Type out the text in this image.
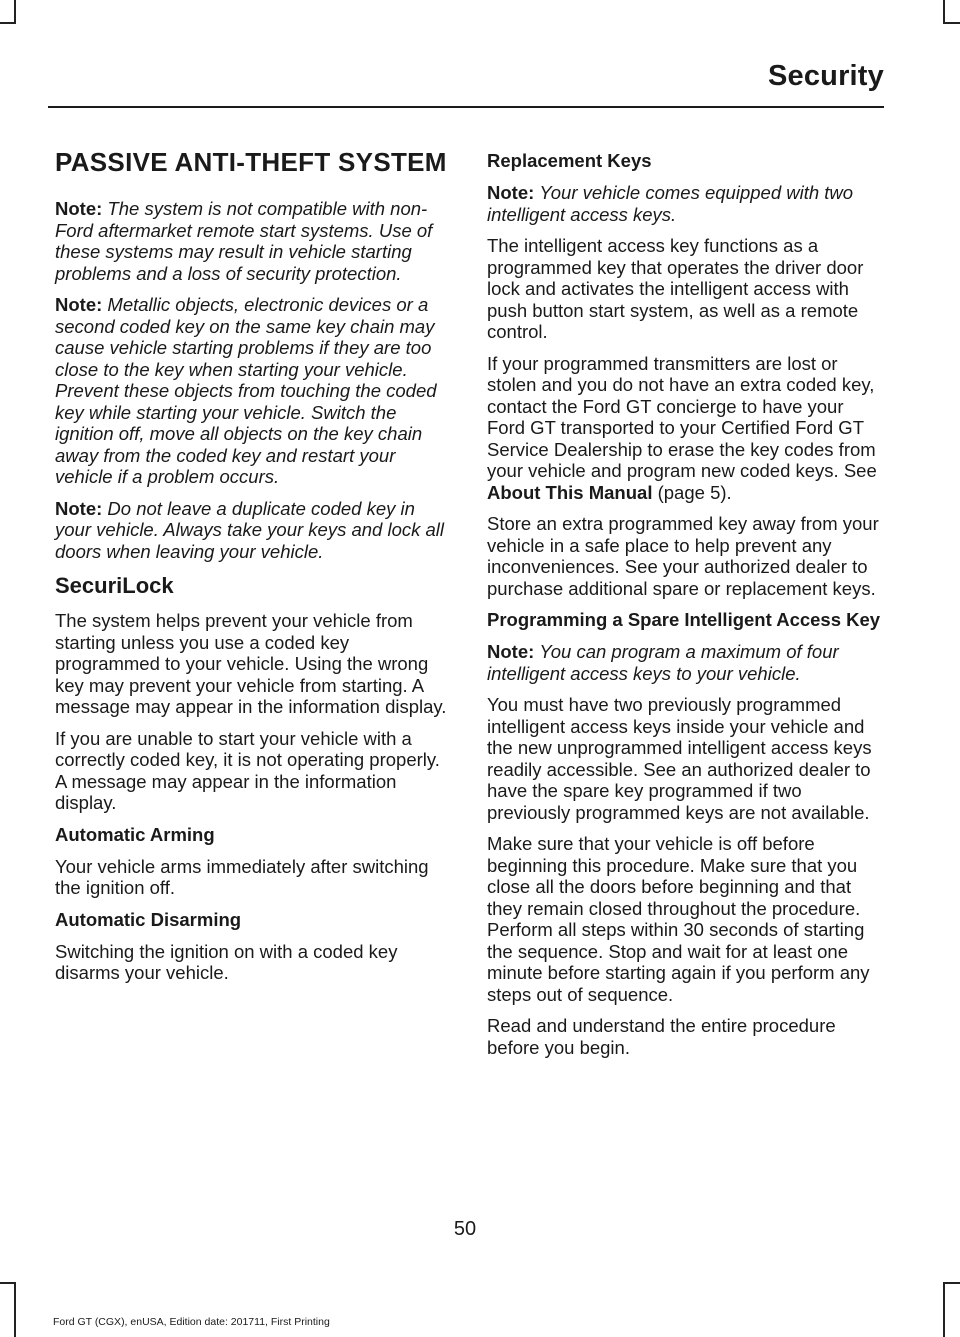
Security
PASSIVE ANTI-THEFT SYSTEM

Note: The system is not compatible with non-Ford aftermarket remote start systems. Use of these systems may result in vehicle starting problems and a loss of security protection.

Note: Metallic objects, electronic devices or a second coded key on the same key chain may cause vehicle starting problems if they are too close to the key when starting your vehicle. Prevent these objects from touching the coded key while starting your vehicle. Switch the ignition off, move all objects on the key chain away from the coded key and restart your vehicle if a problem occurs.

Note: Do not leave a duplicate coded key in your vehicle. Always take your keys and lock all doors when leaving your vehicle.

SecuriLock

The system helps prevent your vehicle from starting unless you use a coded key programmed to your vehicle. Using the wrong key may prevent your vehicle from starting. A message may appear in the information display.

If you are unable to start your vehicle with a correctly coded key, it is not operating properly. A message may appear in the information display.

Automatic Arming

Your vehicle arms immediately after switching the ignition off.

Automatic Disarming

Switching the ignition on with a coded key disarms your vehicle.

Replacement Keys

Note: Your vehicle comes equipped with two intelligent access keys.

The intelligent access key functions as a programmed key that operates the driver door lock and activates the intelligent access with push button start system, as well as a remote control.

If your programmed transmitters are lost or stolen and you do not have an extra coded key, contact the Ford GT concierge to have your Ford GT transported to your Certified Ford GT Service Dealership to erase the key codes from your vehicle and program new coded keys. See About This Manual (page 5).

Store an extra programmed key away from your vehicle in a safe place to help prevent any inconveniences. See your authorized dealer to purchase additional spare or replacement keys.

Programming a Spare Intelligent Access Key

Note: You can program a maximum of four intelligent access keys to your vehicle.

You must have two previously programmed intelligent access keys inside your vehicle and the new unprogrammed intelligent access keys readily accessible. See an authorized dealer to have the spare key programmed if two previously programmed keys are not available.

Make sure that your vehicle is off before beginning this procedure. Make sure that you close all the doors before beginning and that they remain closed throughout the procedure. Perform all steps within 30 seconds of starting the sequence. Stop and wait for at least one minute before starting again if you perform any steps out of sequence.

Read and understand the entire procedure before you begin.

50
Ford GT (CGX), enUSA, Edition date: 201711, First Printing
